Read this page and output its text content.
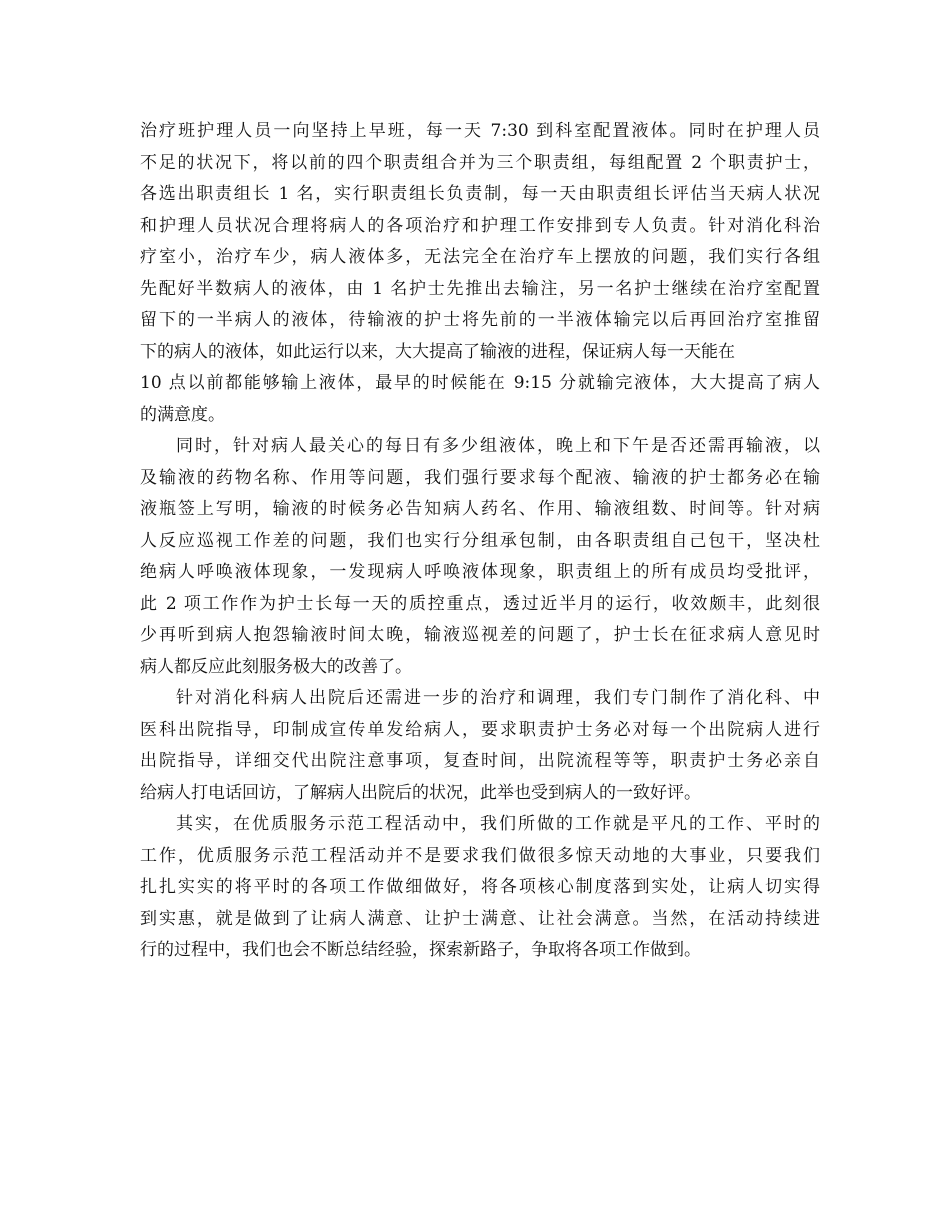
治疗班护理人员一向坚持上早班，每一天 7:30 到科室配置液体。同时在护理人员
不足的状况下，将以前的四个职责组合并为三个职责组，每组配置 2 个职责护士，
各选出职责组长 1 名，实行职责组长负责制，每一天由职责组长评估当天病人状况
和护理人员状况合理将病人的各项治疗和护理工作安排到专人负责。针对消化科治
疗室小，治疗车少，病人液体多，无法完全在治疗车上摆放的问题，我们实行各组
先配好半数病人的液体，由 1 名护士先推出去输注，另一名护士继续在治疗室配置
留下的一半病人的液体，待输液的护士将先前的一半液体输完以后再回治疗室推留
下的病人的液体，如此运行以来，大大提高了输液的进程，保证病人每一天能在
10 点以前都能够输上液体，最早的时候能在 9:15 分就输完液体，大大提高了病人
的满意度。
同时，针对病人最关心的每日有多少组液体，晚上和下午是否还需再输液，以
及输液的药物名称、作用等问题，我们强行要求每个配液、输液的护士都务必在输
液瓶签上写明，输液的时候务必告知病人药名、作用、输液组数、时间等。针对病
人反应巡视工作差的问题，我们也实行分组承包制，由各职责组自己包干，坚决杜
绝病人呼唤液体现象，一发现病人呼唤液体现象，职责组上的所有成员均受批评，
此 2 项工作作为护士长每一天的质控重点，透过近半月的运行，收效颇丰，此刻很
少再听到病人抱怨输液时间太晚，输液巡视差的问题了，护士长在征求病人意见时
病人都反应此刻服务极大的改善了。
针对消化科病人出院后还需进一步的治疗和调理，我们专门制作了消化科、中
医科出院指导，印制成宣传单发给病人，要求职责护士务必对每一个出院病人进行
出院指导，详细交代出院注意事项，复查时间，出院流程等等，职责护士务必亲自
给病人打电话回访，了解病人出院后的状况，此举也受到病人的一致好评。
其实，在优质服务示范工程活动中，我们所做的工作就是平凡的工作、平时的
工作，优质服务示范工程活动并不是要求我们做很多惊天动地的大事业，只要我们
扎扎实实的将平时的各项工作做细做好，将各项核心制度落到实处，让病人切实得
到实惠，就是做到了让病人满意、让护士满意、让社会满意。当然，在活动持续进
行的过程中，我们也会不断总结经验，探索新路子，争取将各项工作做到。
